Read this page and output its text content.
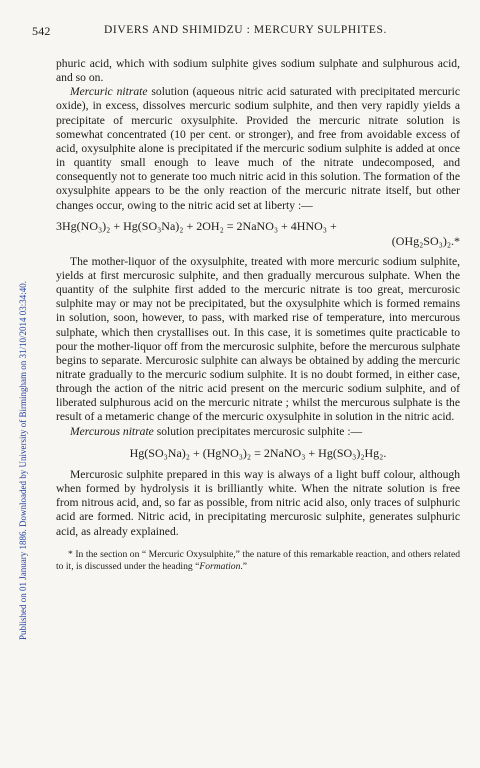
Published on 01 January 1886. Downloaded by University of Birmingham on 31/10/2014 03:34:40.
542	DIVERS AND SHIMIDZU : MERCURY SULPHITES.

phuric acid, which with sodium sulphite gives sodium sulphate and sulphurous acid, and so on.

Mercuric nitrate solution (aqueous nitric acid saturated with precipitated mercuric oxide), in excess, dissolves mercuric sodium sulphite, and then very rapidly yields a precipitate of mercuric oxysulphite. Provided the mercuric nitrate solution is somewhat concentrated (10 per cent. or stronger), and free from avoidable excess of acid, oxysulphite alone is precipitated if the mercuric sodium sulphite is added at once in quantity small enough to leave much of the nitrate undecomposed, and consequently not to generate too much nitric acid in this solution. The formation of the oxysulphite appears to be the only reaction of the mercuric nitrate itself, but other changes occur, owing to the nitric acid set at liberty :—

3Hg(NO₃)₂ + Hg(SO₃Na)₂ + 2OH₂ = 2NaNO₃ + 4HNO₃ +
(OHg₂SO₃)₂.*

The mother-liquor of the oxysulphite, treated with more mercuric sodium sulphite, yields at first mercurosic sulphite, and then gradually mercurous sulphate. When the quantity of the sulphite first added to the mercuric nitrate is too great, mercurosic sulphite may or may not be precipitated, but the oxysulphite which is formed remains in solution, soon, however, to pass, with marked rise of temperature, into mercurous sulphate, which then crystallises out. In this case, it is sometimes quite practicable to pour the mother-liquor off from the mercurosic sulphite, before the mercurous sulphate begins to separate. Mercurosic sulphite can always be obtained by adding the mercuric nitrate gradually to the mercuric sodium sulphite. It is no doubt formed, in either case, through the action of the nitric acid present on the mercuric sodium sulphite, and of liberated sulphurous acid on the mercuric nitrate ; whilst the mercurous sulphate is the result of a metameric change of the mercuric oxysulphite in solution in the nitric acid.

Mercurous nitrate solution precipitates mercurosic sulphite :—

Hg(SO₃Na)₂ + (HgNO₃)₂ = 2NaNO₃ + Hg(SO₃)₂Hg₂.

Mercurosic sulphite prepared in this way is always of a light buff colour, although when formed by hydrolysis it is brilliantly white. When the nitrate solution is free from nitrous acid, and, so far as possible, from nitric acid also, only traces of sulphuric acid are formed. Nitric acid, in precipitating mercurosic sulphite, generates sulphuric acid, as already explained.

* In the section on “ Mercuric Oxysulphite,” the nature of this remarkable reaction, and others related to it, is discussed under the heading “Formation.”
